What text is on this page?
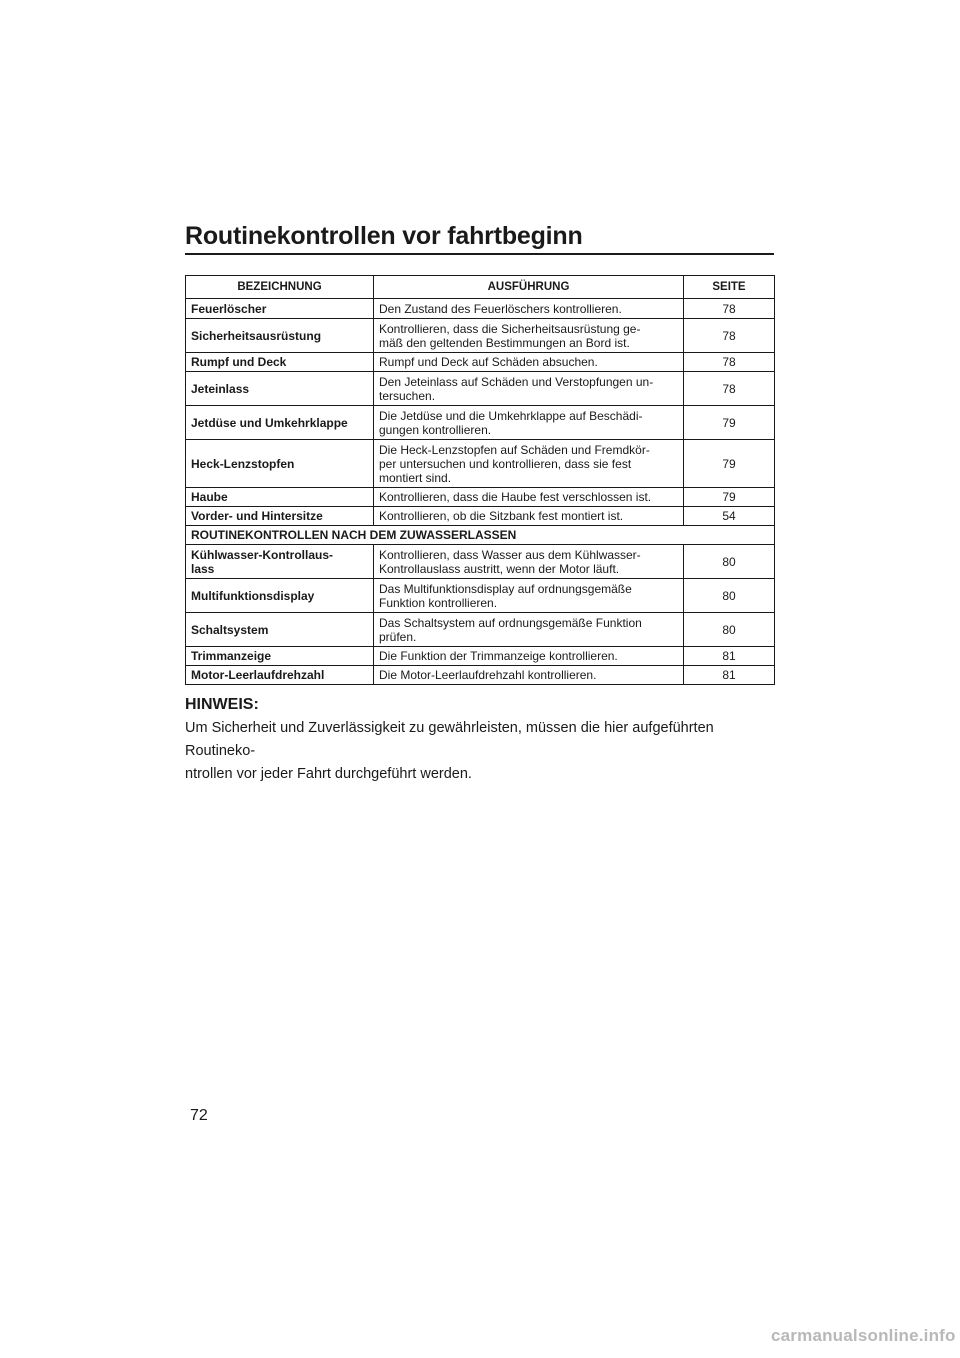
Routinekontrollen vor fahrtbeginn
BEZEICHNUNG	AUSFÜHRUNG	SEITE
Feuerlöscher	Den Zustand des Feuerlöschers kontrollieren.	78
Sicherheitsausrüstung	Kontrollieren, dass die Sicherheitsausrüstung ge-
mäß den geltenden Bestimmungen an Bord ist.	78
Rumpf und Deck	Rumpf und Deck auf Schäden absuchen.	78
Jeteinlass	Den Jeteinlass auf Schäden und Verstopfungen un-
tersuchen.	78
Jetdüse und Umkehrklappe	Die Jetdüse und die Umkehrklappe auf Beschädi-
gungen kontrollieren.	79
Heck-Lenzstopfen	Die Heck-Lenzstopfen auf Schäden und Fremdkör-
per untersuchen und kontrollieren, dass sie fest
montiert sind.	79
Haube	Kontrollieren, dass die Haube fest verschlossen ist.	79
Vorder- und Hintersitze	Kontrollieren, ob die Sitzbank fest montiert ist.	54
ROUTINEKONTROLLEN NACH DEM ZUWASSERLASSEN		
Kühlwasser-Kontrollaus-
lass	Kontrollieren, dass Wasser aus dem Kühlwasser-
Kontrollauslass austritt, wenn der Motor läuft.	80
Multifunktionsdisplay	Das Multifunktionsdisplay auf ordnungsgemäße
Funktion kontrollieren.	80
Schaltsystem	Das Schaltsystem auf ordnungsgemäße Funktion
prüfen.	80
Trimmanzeige	Die Funktion der Trimmanzeige kontrollieren.	81
Motor-Leerlaufdrehzahl	Die Motor-Leerlaufdrehzahl kontrollieren.	81
HINWEIS:

Um Sicherheit und Zuverlässigkeit zu gewährleisten, müssen die hier aufgeführten Routineko-
ntrollen vor jeder Fahrt durchgeführt werden.

72
carmanualsonline.info
